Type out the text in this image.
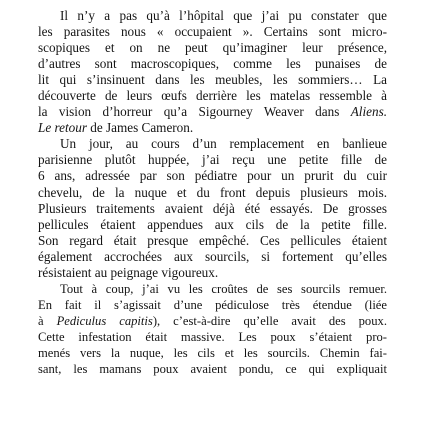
Il n’y a pas qu’à l’hôpital que j’ai pu constater que
les parasites nous « occupaient ». Certains sont micro-
scopiques et on ne peut qu’imaginer leur présence,
d’autres sont macroscopiques, comme les punaises de
lit qui s’insinuent dans les meubles, les sommiers… La
découverte de leurs œufs derrière les matelas ressemble à
la vision d’horreur qu’a Sigourney Weaver dans Aliens.
Le retour de James Cameron.
Un jour, au cours d’un remplacement en banlieue
parisienne plutôt huppée, j’ai reçu une petite fille de
6 ans, adressée par son pédiatre pour un prurit du cuir
chevelu, de la nuque et du front depuis plusieurs mois.
Plusieurs traitements avaient déjà été essayés. De grosses
pellicules étaient appendues aux cils de la petite fille.
Son regard était presque empêché. Ces pellicules étaient
également accrochées aux sourcils, si fortement qu’elles
résistaient au peignage vigoureux.
Tout à coup, j’ai vu les croûtes de ses sourcils remuer.
En fait il s’agissait d’une pédiculose très étendue (liée
à Pediculus capitis), c’est-à-dire qu’elle avait des poux.
Cette infestation était massive. Les poux s’étaient pro-
menés vers la nuque, les cils et les sourcils. Chemin fai-
sant, les mamans poux avaient pondu, ce qui expliquait
